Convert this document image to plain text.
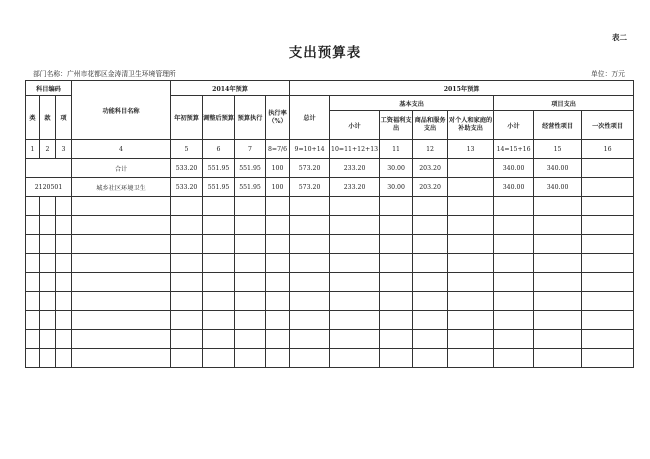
表二
支出预算表
部门名称：广州市花都区金涛清卫生环境管理所	单位：万元
科目编码			功能科目名称	2014年预算				2015年预算							
类	款	项		年初预算	调整后预算	预算执行	执行率（%）	总计	基本支出				项目支出		
									小计	工资福利支出	商品和服务支出	对个人和家庭的补助支出	小计	经营性项目	一次性项目
1	2	3	4	5	6	7	8=7/6	9=10+14	10=11+12+13	11	12	13	14=15+16	15	16
			合计	533.20	551.95	551.95	100	573.20	233.20	30.00	203.20		340.00	340.00	
2120501			城乡社区环境卫生	533.20	551.95	551.95	100	573.20	233.20	30.00	203.20		340.00	340.00	
